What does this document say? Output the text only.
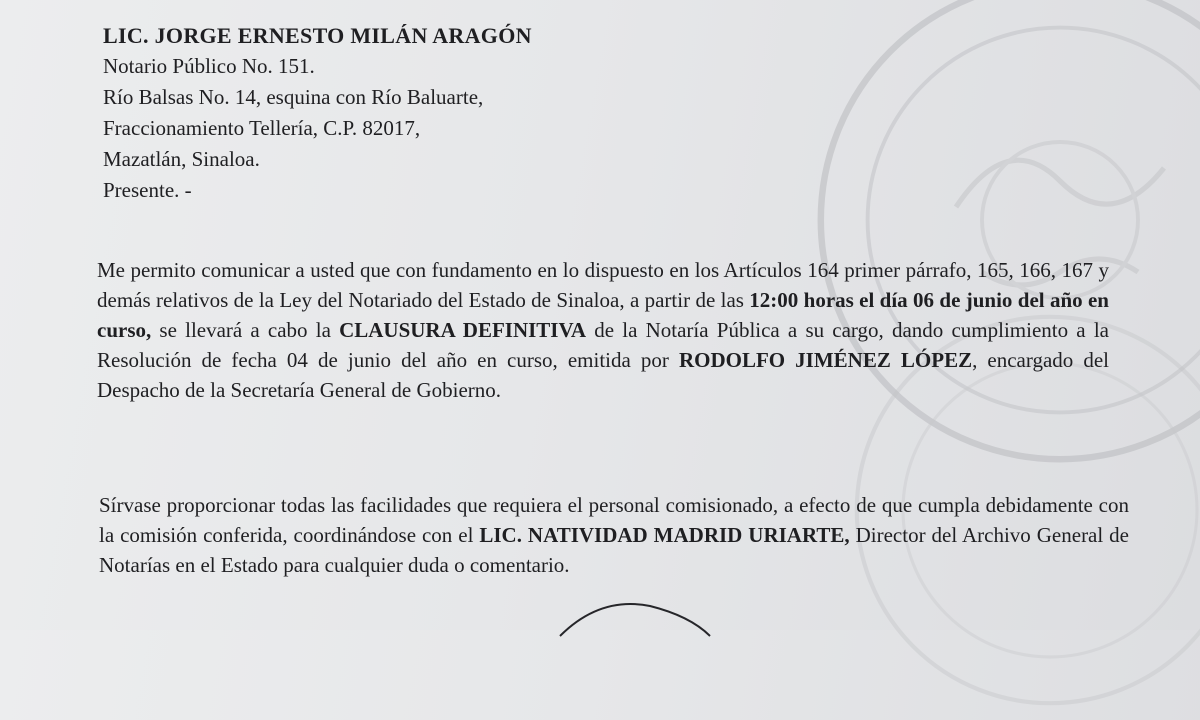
LIC. JORGE ERNESTO MILÁN ARAGÓN
Notario Público No. 151.
Río Balsas No. 14, esquina con Río Baluarte,
Fraccionamiento Tellería, C.P. 82017,
Mazatlán, Sinaloa.
Presente. -
Me permito comunicar a usted que con fundamento en lo dispuesto en los Artículos 164 primer párrafo, 165, 166, 167 y demás relativos de la Ley del Notariado del Estado de Sinaloa, a partir de las 12:00 horas el día 06 de junio del año en curso, se llevará a cabo la CLAUSURA DEFINITIVA de la Notaría Pública a su cargo, dando cumplimiento a la Resolución de fecha 04 de junio del año en curso, emitida por RODOLFO JIMÉNEZ LÓPEZ, encargado del Despacho de la Secretaría General de Gobierno.
Sírvase proporcionar todas las facilidades que requiera el personal comisionado, a efecto de que cumpla debidamente con la comisión conferida, coordinándose con el LIC. NATIVIDAD MADRID URIARTE, Director del Archivo General de Notarías en el Estado para cualquier duda o comentario.
